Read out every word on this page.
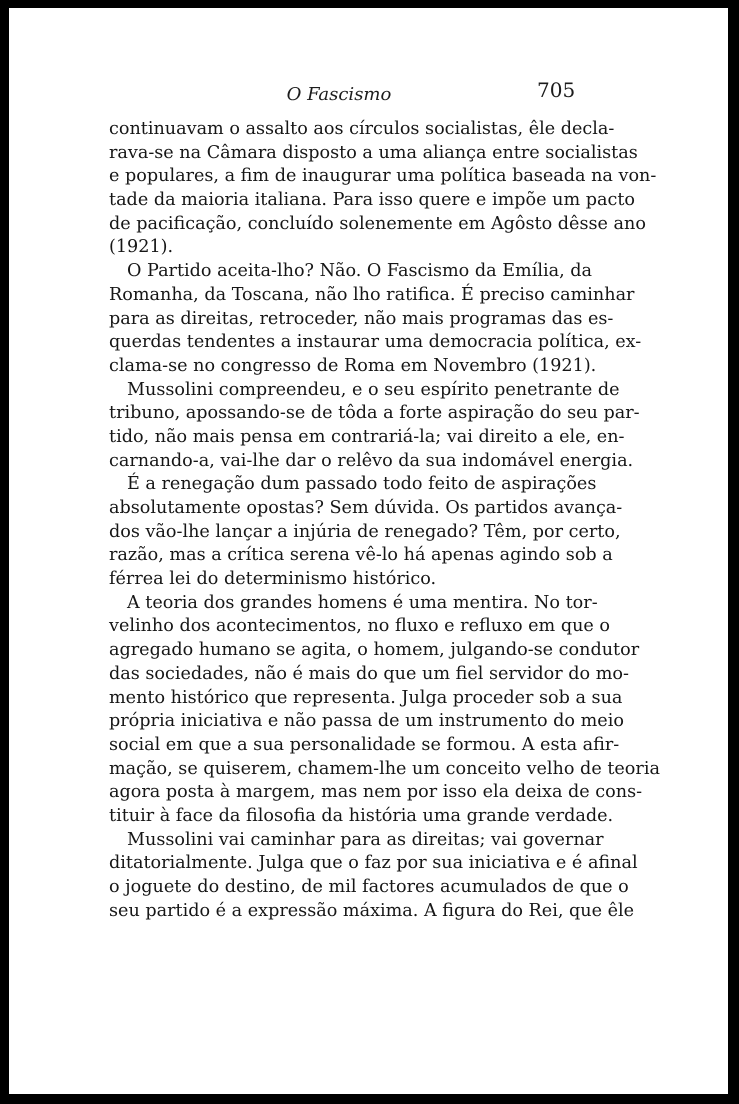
O Fascismo	705
continuavam o assalto aos círculos socialistas, êle decla-
rava-se na Câmara disposto a uma aliança entre socialistas
e populares, a fim de inaugurar uma política baseada na von-
tade da maioria italiana. Para isso quere e impõe um pacto
de pacificação, concluído solenemente em Agôsto dêsse ano
(1921).
O Partido aceita-lho? Não. O Fascismo da Emília, da
Romanha, da Toscana, não lho ratifica. É preciso caminhar
para as direitas, retroceder, não mais programas das es-
querdas tendentes a instaurar uma democracia política, ex-
clama-se no congresso de Roma em Novembro (1921).
Mussolini compreendeu, e o seu espírito penetrante de
tribuno, apossando-se de tôda a forte aspiração do seu par-
tido, não mais pensa em contrariá-la; vai direito a ele, en-
carnando-a, vai-lhe dar o relêvo da sua indomável energia.
É a renegação dum passado todo feito de aspirações
absolutamente opostas? Sem dúvida. Os partidos avança-
dos vão-lhe lançar a injúria de renegado? Têm, por certo,
razão, mas a crítica serena vê-lo há apenas agindo sob a
férrea lei do determinismo histórico.
A teoria dos grandes homens é uma mentira. No tor-
velinho dos acontecimentos, no fluxo e refluxo em que o
agregado humano se agita, o homem, julgando-se condutor
das sociedades, não é mais do que um fiel servidor do mo-
mento histórico que representa. Julga proceder sob a sua
própria iniciativa e não passa de um instrumento do meio
social em que a sua personalidade se formou. A esta afir-
mação, se quiserem, chamem-lhe um conceito velho de teoria
agora posta à margem, mas nem por isso ela deixa de cons-
tituir à face da filosofia da história uma grande verdade.
Mussolini vai caminhar para as direitas; vai governar
ditatorialmente. Julga que o faz por sua iniciativa e é afinal
o joguete do destino, de mil factores acumulados de que o
seu partido é a expressão máxima. A figura do Rei, que êle
